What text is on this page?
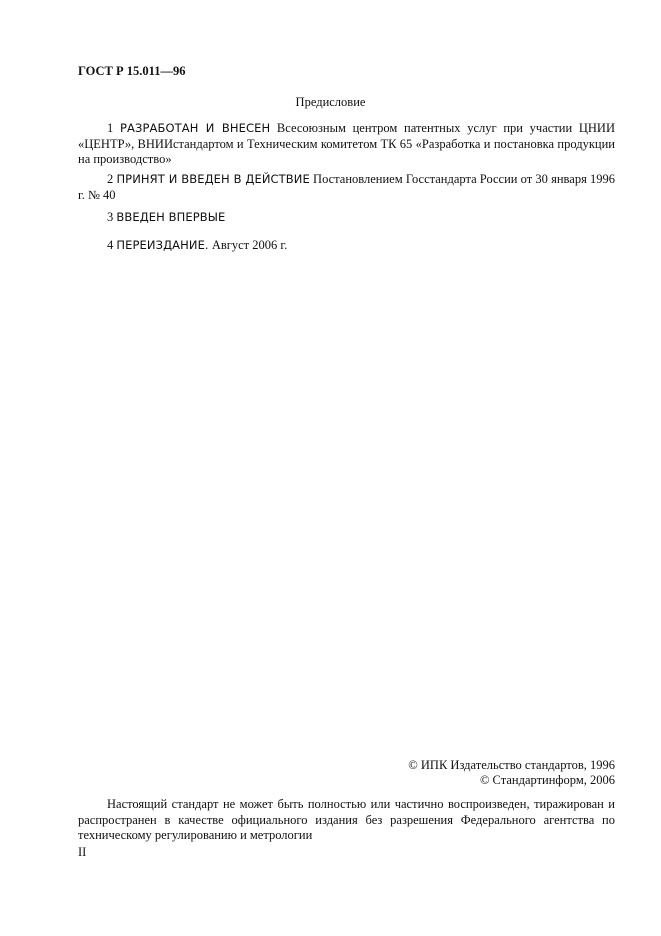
ГОСТ Р 15.011—96
Предисловие
1 РАЗРАБОТАН И ВНЕСЕН Всесоюзным центром патентных услуг при участии ЦНИИ «ЦЕНТР», ВНИИстандартом и Техническим комитетом ТК 65 «Разработка и постановка продукции на производство»
2 ПРИНЯТ И ВВЕДЕН В ДЕЙСТВИЕ Постановлением Госстандарта России от 30 января 1996 г. № 40
3 ВВЕДЕН ВПЕРВЫЕ
4 ПЕРЕИЗДАНИЕ. Август 2006 г.
© ИПК Издательство стандартов, 1996
© Стандартинформ, 2006
Настоящий стандарт не может быть полностью или частично воспроизведен, тиражирован и распространен в качестве официального издания без разрешения Федерального агентства по техническому регулированию и метрологии
II
